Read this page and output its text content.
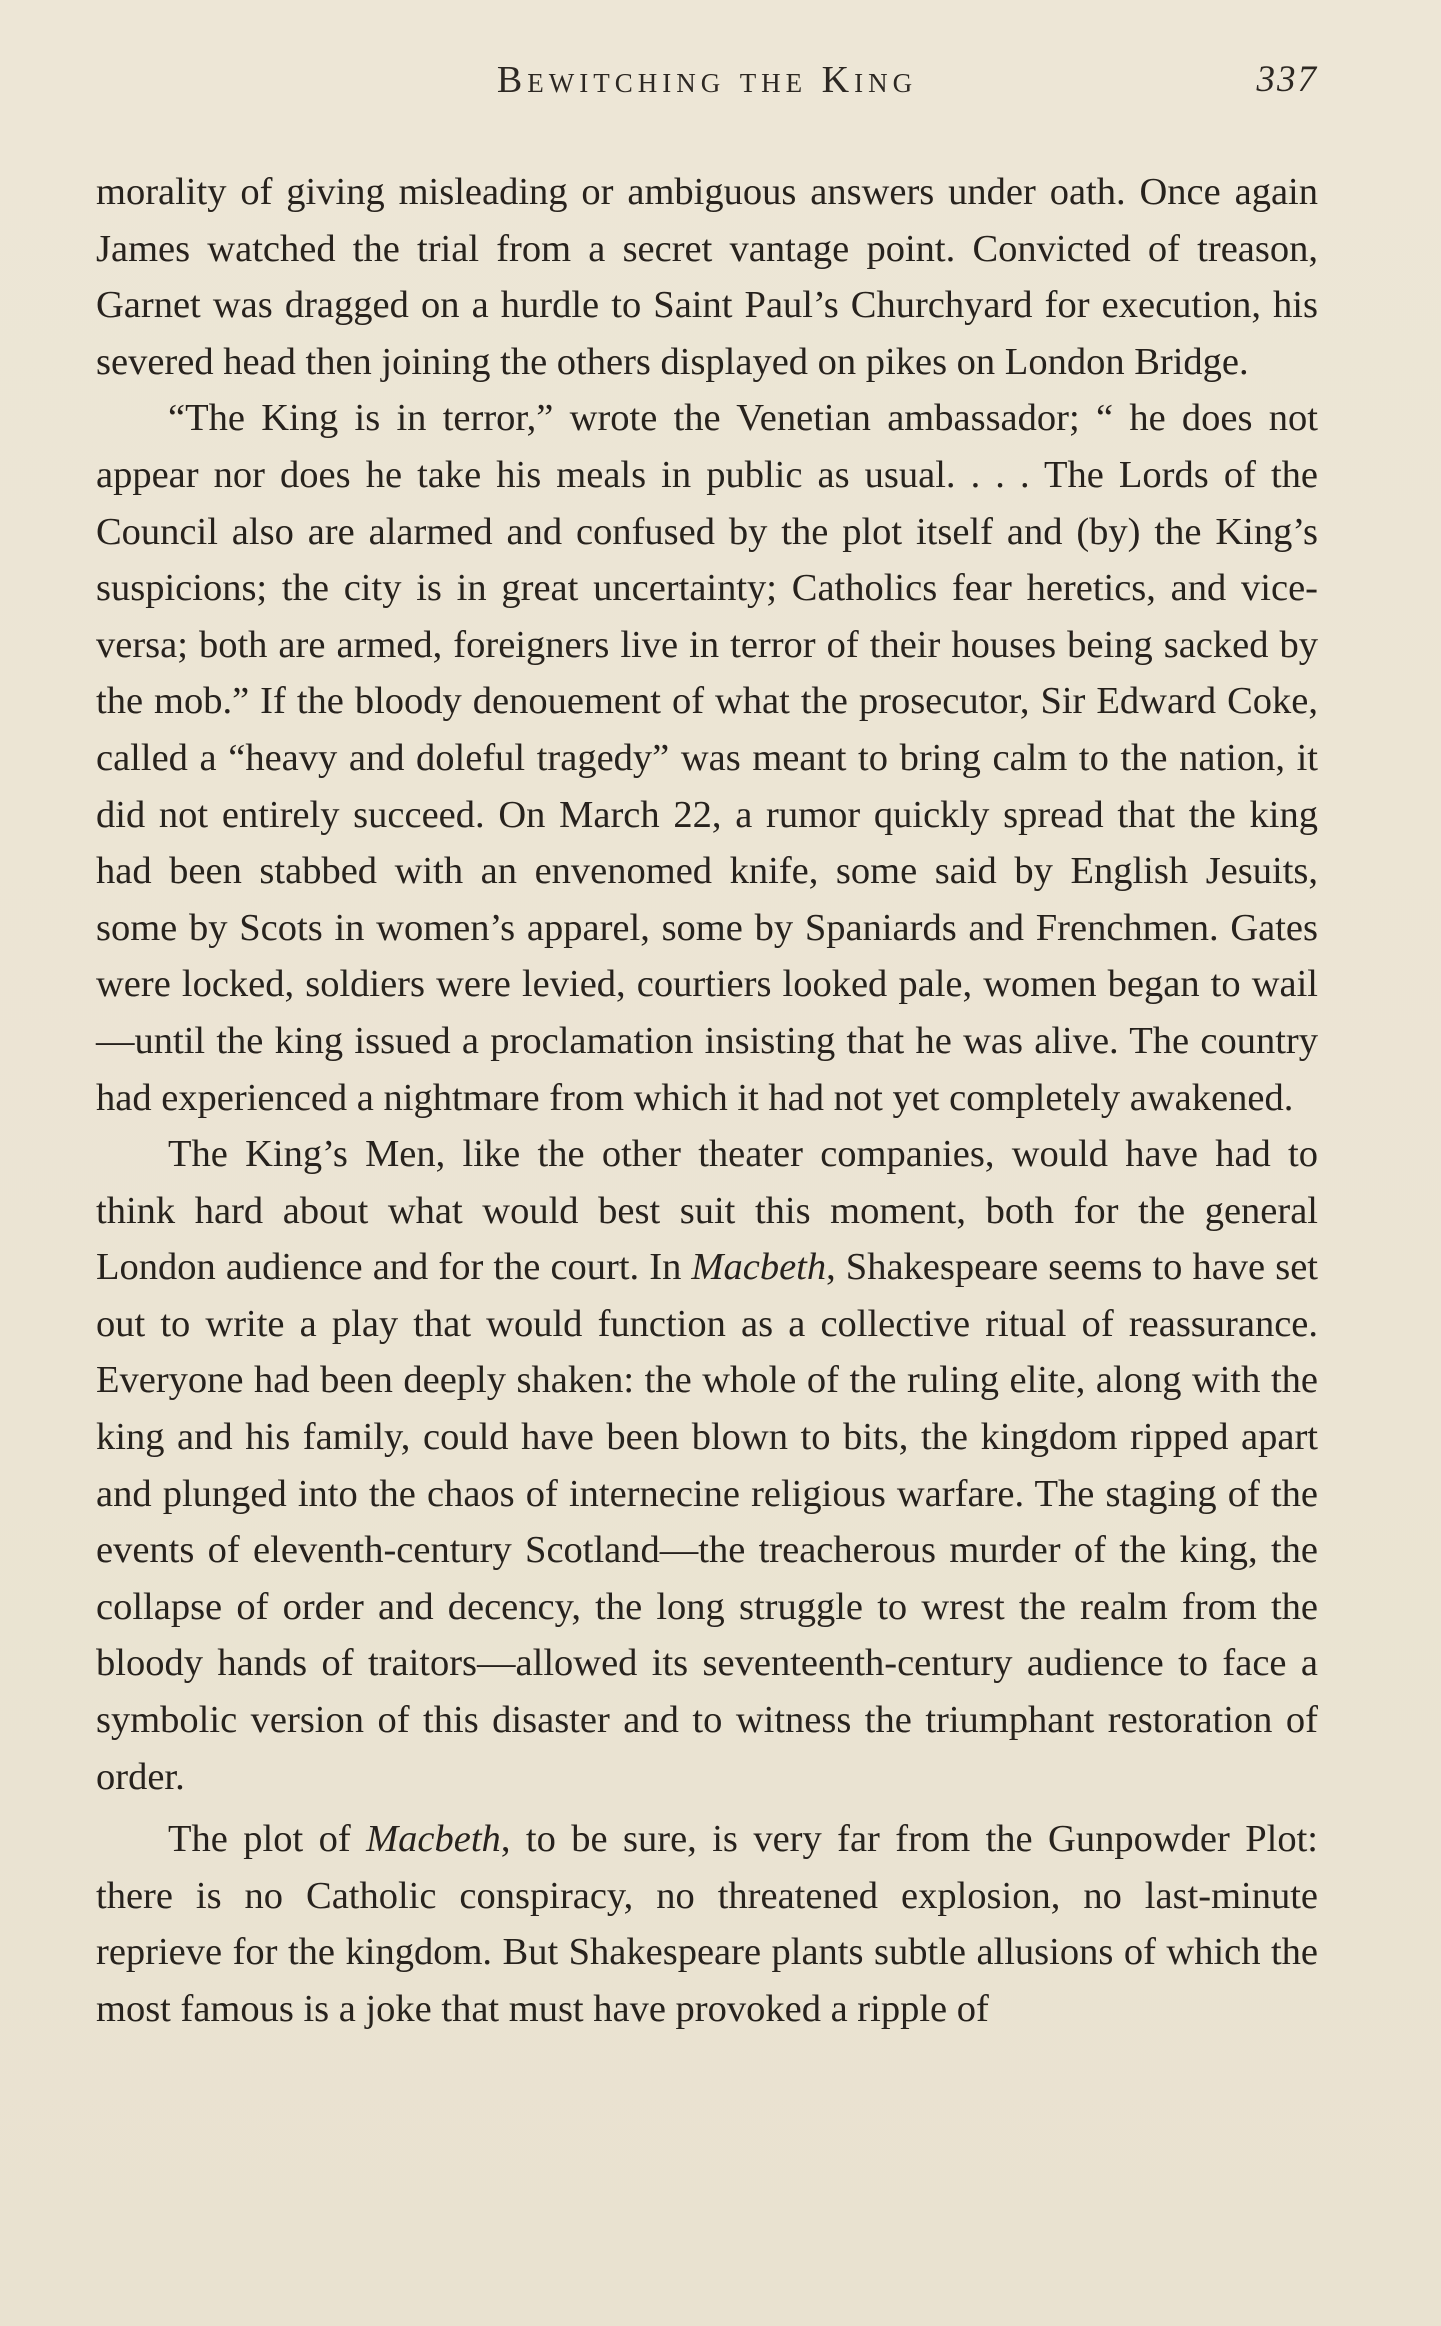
Bewitching the King	337

morality of giving misleading or ambiguous answers under oath. Once again James watched the trial from a secret vantage point. Convicted of treason, Garnet was dragged on a hurdle to Saint Paul’s Churchyard for execution, his severed head then joining the others displayed on pikes on London Bridge.

“The King is in terror,” wrote the Venetian ambassador; “ he does not appear nor does he take his meals in public as usual. . . . The Lords of the Council also are alarmed and confused by the plot itself and (by) the King’s suspicions; the city is in great uncertainty; Catholics fear heretics, and vice-versa; both are armed, foreigners live in terror of their houses being sacked by the mob.” If the bloody denouement of what the prosecutor, Sir Edward Coke, called a “heavy and doleful tragedy” was meant to bring calm to the nation, it did not entirely succeed. On March 22, a rumor quickly spread that the king had been stabbed with an envenomed knife, some said by English Jesuits, some by Scots in women’s apparel, some by Spaniards and Frenchmen. Gates were locked, soldiers were levied, courtiers looked pale, women began to wail—until the king issued a proclamation insisting that he was alive. The country had experienced a nightmare from which it had not yet completely awakened.

The King’s Men, like the other theater companies, would have had to think hard about what would best suit this moment, both for the general London audience and for the court. In Macbeth, Shakespeare seems to have set out to write a play that would function as a collective ritual of reassurance. Everyone had been deeply shaken: the whole of the ruling elite, along with the king and his family, could have been blown to bits, the kingdom ripped apart and plunged into the chaos of internecine religious warfare. The staging of the events of eleventh-century Scotland—the treacherous murder of the king, the collapse of order and decency, the long struggle to wrest the realm from the bloody hands of traitors—allowed its seventeenth-century audience to face a symbolic version of this disaster and to witness the triumphant restoration of order.

The plot of Macbeth, to be sure, is very far from the Gunpowder Plot: there is no Catholic conspiracy, no threatened explosion, no last-minute reprieve for the kingdom. But Shakespeare plants subtle allusions of which the most famous is a joke that must have provoked a ripple of
